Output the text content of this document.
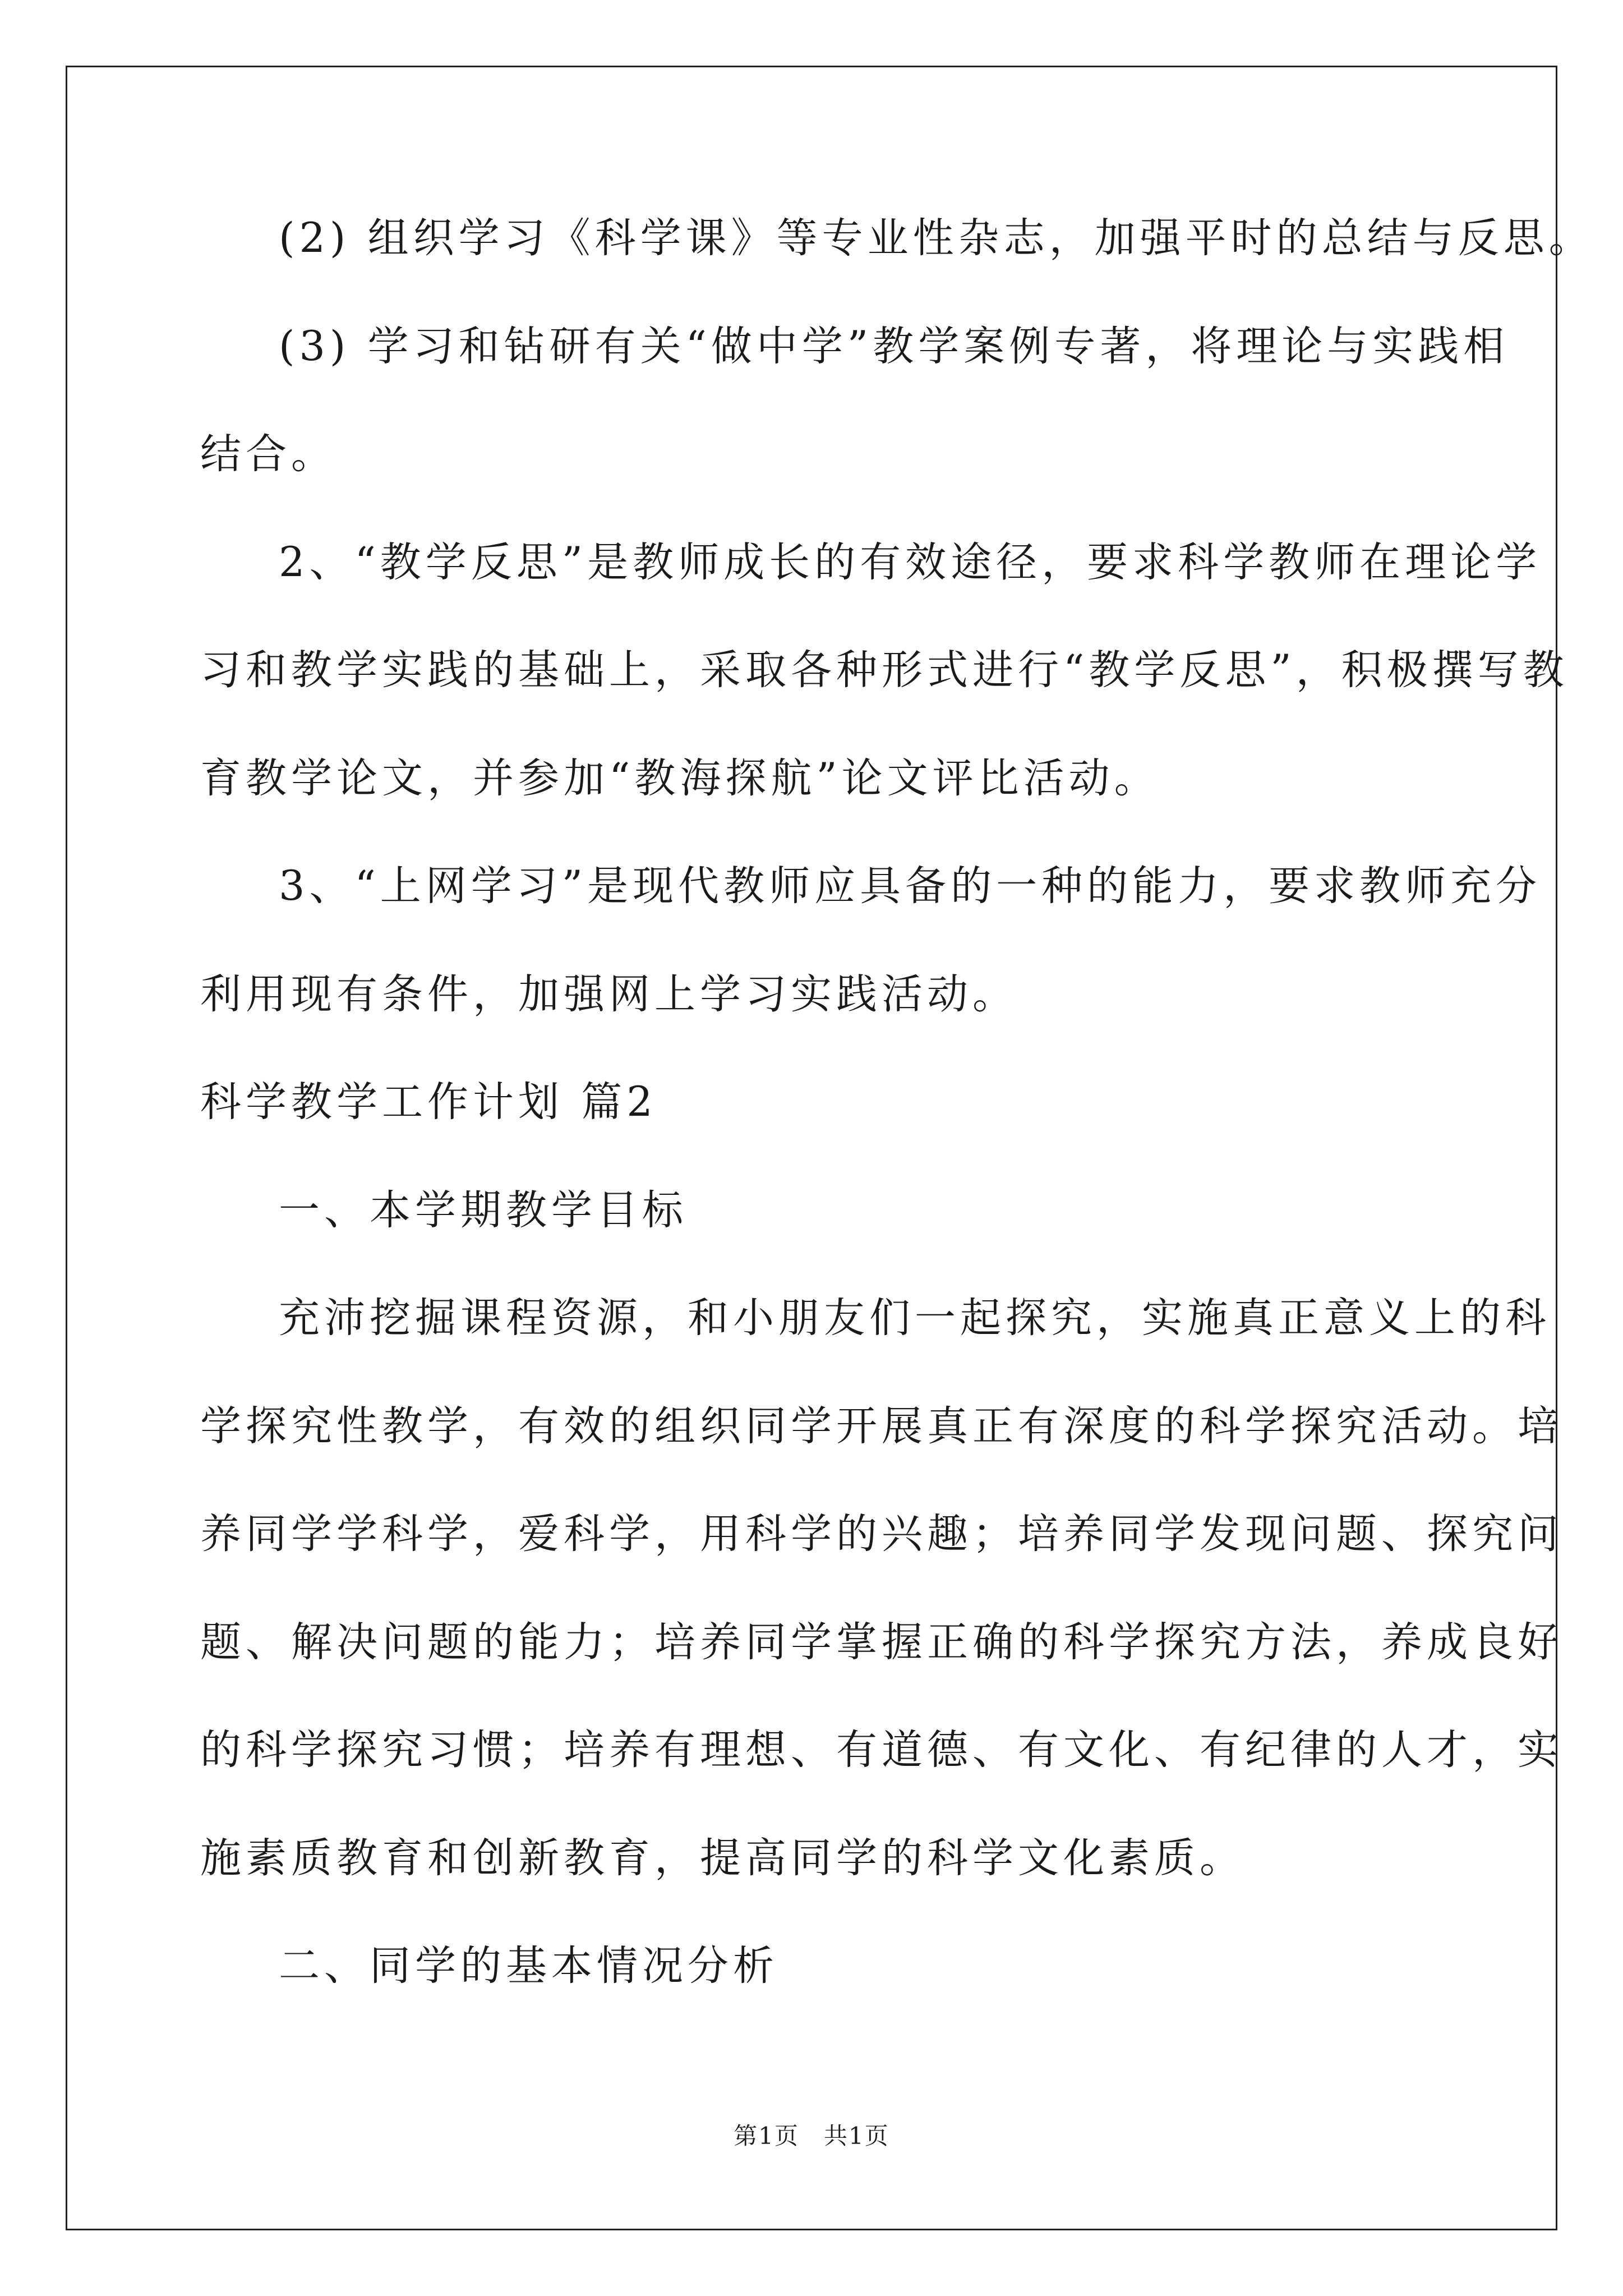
(2) 组织学习《科学课》等专业性杂志，加强平时的总结与反思。
(3) 学习和钻研有关“做中学”教学案例专著，将理论与实践相
结合。
2、“教学反思”是教师成长的有效途径，要求科学教师在理论学
习和教学实践的基础上，采取各种形式进行“教学反思”，积极撰写教
育教学论文，并参加“教海探航”论文评比活动。
3、“上网学习”是现代教师应具备的一种的能力，要求教师充分
利用现有条件，加强网上学习实践活动。
科学教学工作计划 篇2
一、本学期教学目标
充沛挖掘课程资源，和小朋友们一起探究，实施真正意义上的科
学探究性教学，有效的组织同学开展真正有深度的科学探究活动。培
养同学学科学，爱科学，用科学的兴趣；培养同学发现问题、探究问
题、解决问题的能力；培养同学掌握正确的科学探究方法，养成良好
的科学探究习惯；培养有理想、有道德、有文化、有纪律的人才，实
施素质教育和创新教育，提高同学的科学文化素质。
二、同学的基本情况分析
第1页　共1页
